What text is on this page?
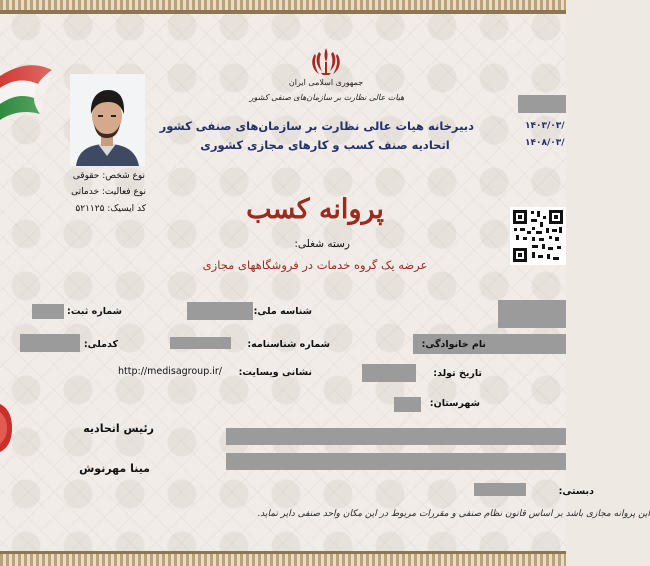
جمهوری اسلامی ایران
هیات عالی نظارت بر سازمان‌های صنفی کشور
دبیرخانه هیات عالی نظارت بر سازمان‌های صنفی کشور
اتحادیه صنف کسب و کارهای مجازی کشوری
۱۴۰۳/۰۳/
۱۴۰۸/۰۳/
نوع شخص: حقوقی
نوع فعالیت: خدماتی
کد ایسیک: ۵۲۱۱۲۵	پروانه کسب
رسته شغلی:
عرضه یک گروه خدمات در فروشگاههای مجازی
شماره ثبت:	شناسه ملی:
کدملی:	شماره شناسنامه:	نام خانوادگی:
http://medisagroup.ir/	نشانی وبسایت:	تاریخ تولد:
شهرستان:
رئیس اتحادیه
مینا مهرنوش
دبستی:
این پروانه مجازی باشد بر اساس قانون نظام صنفی و مقررات مربوط در این مکان واحد صنفی دایر نماید.
